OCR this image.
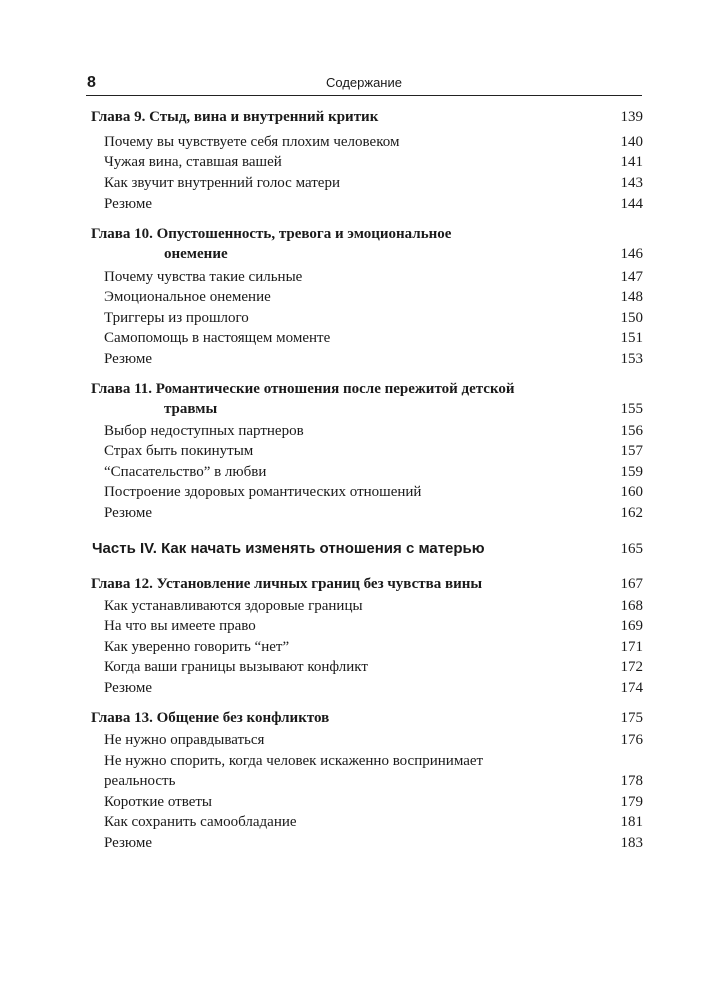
8	Содержание
Глава 9. Стыд, вина и внутренний критик	139
Почему вы чувствуете себя плохим человеком	140
Чужая вина, ставшая вашей	141
Как звучит внутренний голос матери	143
Резюме	144
Глава 10. Опустошенность, тревога и эмоциональное
онемение	146
Почему чувства такие сильные	147
Эмоциональное онемение	148
Триггеры из прошлого	150
Самопомощь в настоящем моменте	151
Резюме	153
Глава 11. Романтические отношения после пережитой детской
травмы	155
Выбор недоступных партнеров	156
Страх быть покинутым	157
“Спасательство” в любви	159
Построение здоровых романтических отношений	160
Резюме	162
Часть IV. Как начать изменять отношения с матерью	165
Глава 12. Установление личных границ без чувства вины	167
Как устанавливаются здоровые границы	168
На что вы имеете право	169
Как уверенно говорить “нет”	171
Когда ваши границы вызывают конфликт	172
Резюме	174
Глава 13. Общение без конфликтов	175
Не нужно оправдываться	176
Не нужно спорить, когда человек искаженно воспринимает
реальность	178
Короткие ответы	179
Как сохранить самообладание	181
Резюме	183
